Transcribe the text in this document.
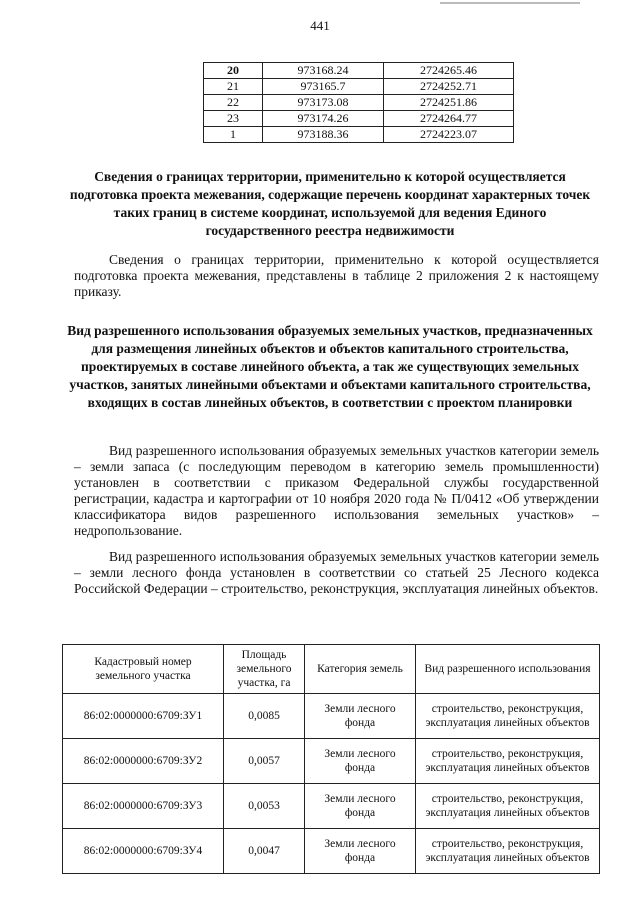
441
20	973168.24	2724265.46
21	973165.7	2724252.71
22	973173.08	2724251.86
23	973174.26	2724264.77
1	973188.36	2724223.07
Сведения о границах территории, применительно к которой осуществляется подготовка проекта межевания, содержащие перечень координат характерных точек таких границ в системе координат, используемой для ведения Единого государственного реестра недвижимости
Сведения о границах территории, применительно к которой осуществляется подготовка проекта межевания, представлены в таблице 2 приложения 2 к настоящему приказу.
Вид разрешенного использования образуемых земельных участков, предназначенных для размещения линейных объектов и объектов капитального строительства, проектируемых в составе линейного объекта, а так же существующих земельных участков, занятых линейными объектами и объектами капитального строительства, входящих в состав линейных объектов, в соответствии с проектом планировки
Вид разрешенного использования образуемых земельных участков категории земель – земли запаса (с последующим переводом в категорию земель промышленности) установлен в соответствии с приказом Федеральной службы государственной регистрации, кадастра и картографии от 10 ноября 2020 года № П/0412 «Об утверждении классификатора видов разрешенного использования земельных участков» – недропользование.
Вид разрешенного использования образуемых земельных участков категории земель – земли лесного фонда установлен в соответствии со статьей 25 Лесного кодекса Российской Федерации – строительство, реконструкция, эксплуатация линейных объектов.
Кадастровый номер земельного участка	Площадь земельного участка, га	Категория земель	Вид разрешенного использования
86:02:0000000:6709:ЗУ1	0,0085	Земли лесного фонда	строительство, реконструкция, эксплуатация линейных объектов
86:02:0000000:6709:ЗУ2	0,0057	Земли лесного фонда	строительство, реконструкция, эксплуатация линейных объектов
86:02:0000000:6709:ЗУ3	0,0053	Земли лесного фонда	строительство, реконструкция, эксплуатация линейных объектов
86:02:0000000:6709:ЗУ4	0,0047	Земли лесного фонда	строительство, реконструкция, эксплуатация линейных объектов
